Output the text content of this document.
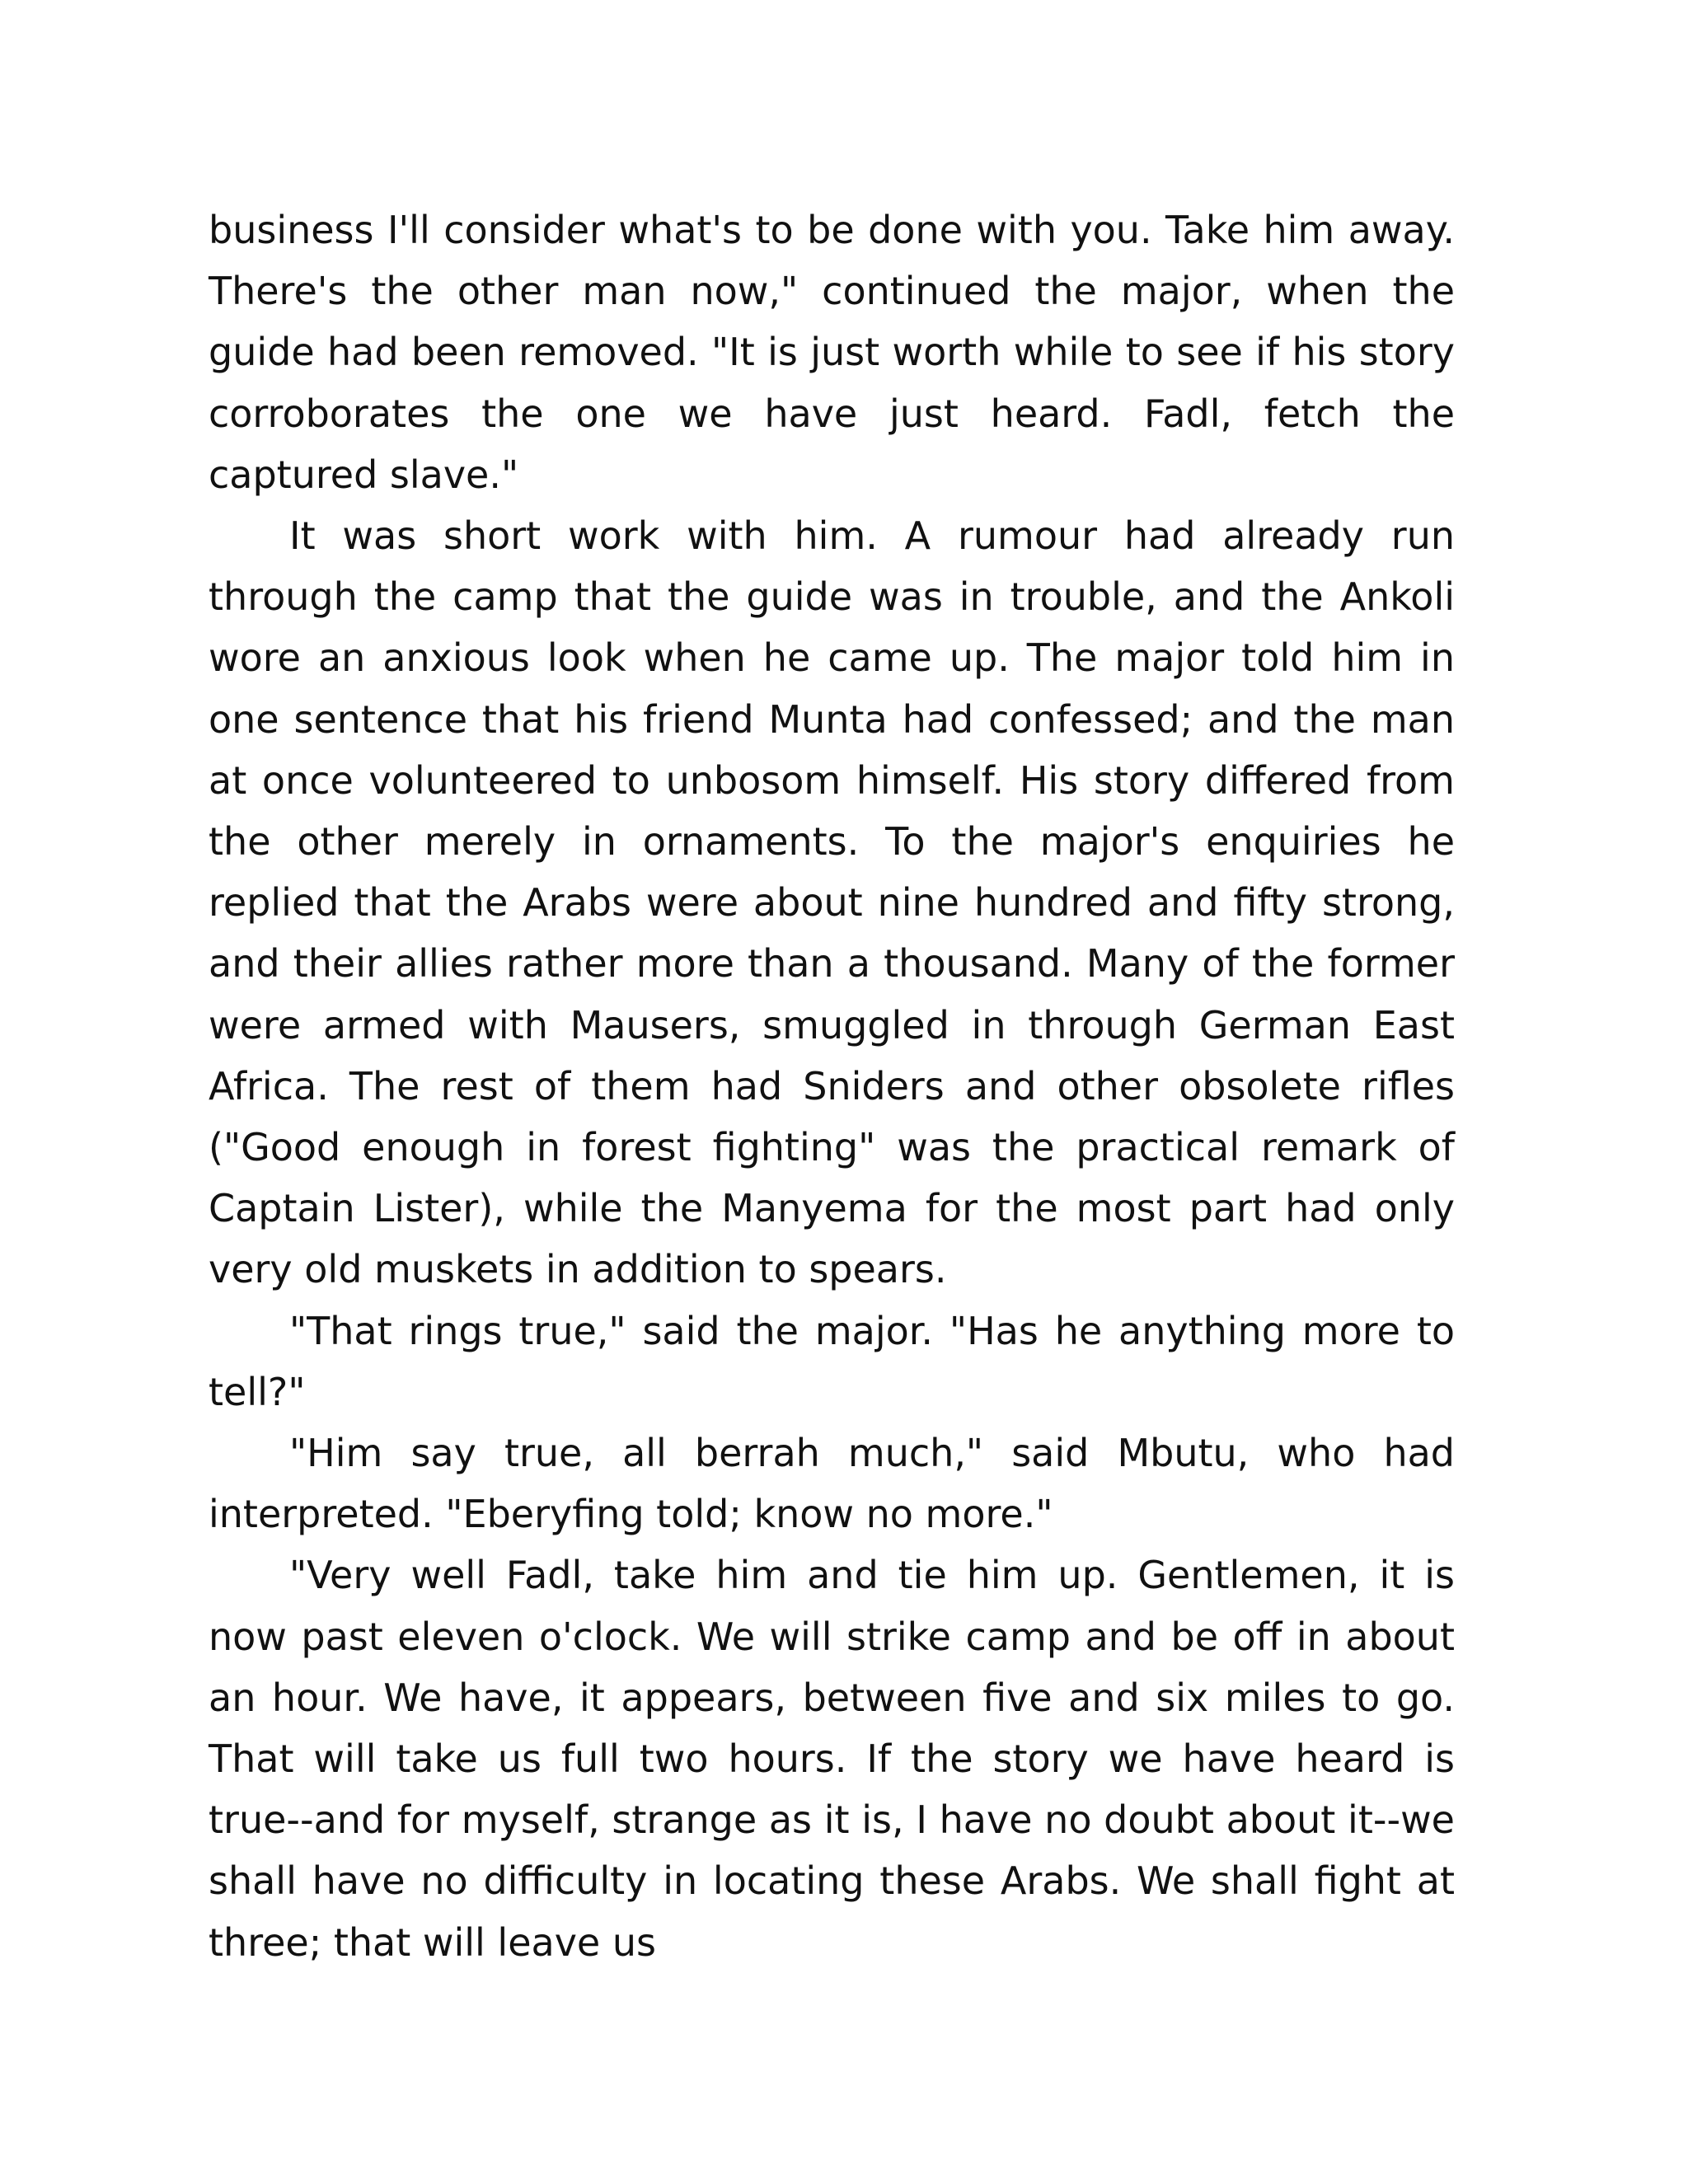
business I'll consider what's to be done with you. Take him away. There's the other man now," continued the major, when the guide had been removed. "It is just worth while to see if his story corroborates the one we have just heard. Fadl, fetch the captured slave."

It was short work with him. A rumour had already run through the camp that the guide was in trouble, and the Ankoli wore an anxious look when he came up. The major told him in one sentence that his friend Munta had confessed; and the man at once volunteered to unbosom himself. His story differed from the other merely in ornaments. To the major's enquiries he replied that the Arabs were about nine hundred and fifty strong, and their allies rather more than a thousand. Many of the former were armed with Mausers, smuggled in through German East Africa. The rest of them had Sniders and other obsolete rifles ("Good enough in forest fighting" was the practical remark of Captain Lister), while the Manyema for the most part had only very old muskets in addition to spears.

"That rings true," said the major. "Has he anything more to tell?"

"Him say true, all berrah much," said Mbutu, who had interpreted. "Eberyfing told; know no more."

"Very well Fadl, take him and tie him up. Gentlemen, it is now past eleven o'clock. We will strike camp and be off in about an hour. We have, it appears, between five and six miles to go. That will take us full two hours. If the story we have heard is true--and for myself, strange as it is, I have no doubt about it--we shall have no difficulty in locating these Arabs. We shall fight at three; that will leave us
